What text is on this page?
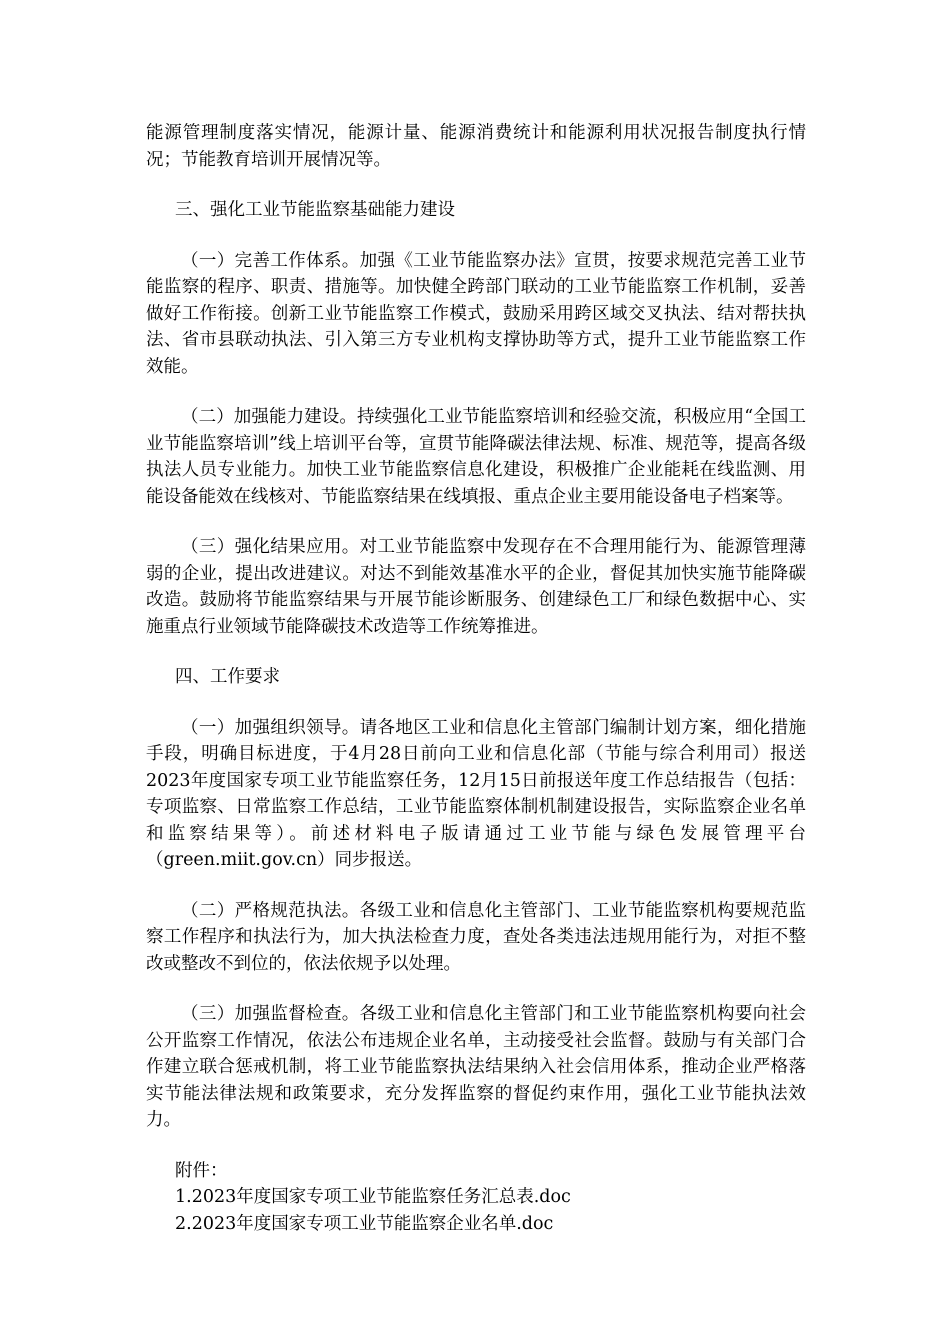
能源管理制度落实情况，能源计量、能源消费统计和能源利用状况报告制度执行情况；节能教育培训开展情况等。

三、强化工业节能监察基础能力建设

（一）完善工作体系。加强《工业节能监察办法》宣贯，按要求规范完善工业节能监察的程序、职责、措施等。加快健全跨部门联动的工业节能监察工作机制，妥善做好工作衔接。创新工业节能监察工作模式，鼓励采用跨区域交叉执法、结对帮扶执法、省市县联动执法、引入第三方专业机构支撑协助等方式，提升工业节能监察工作效能。

（二）加强能力建设。持续强化工业节能监察培训和经验交流，积极应用“全国工业节能监察培训”线上培训平台等，宣贯节能降碳法律法规、标准、规范等，提高各级执法人员专业能力。加快工业节能监察信息化建设，积极推广企业能耗在线监测、用能设备能效在线核对、节能监察结果在线填报、重点企业主要用能设备电子档案等。

（三）强化结果应用。对工业节能监察中发现存在不合理用能行为、能源管理薄弱的企业，提出改进建议。对达不到能效基准水平的企业，督促其加快实施节能降碳改造。鼓励将节能监察结果与开展节能诊断服务、创建绿色工厂和绿色数据中心、实施重点行业领域节能降碳技术改造等工作统筹推进。

四、工作要求

（一）加强组织领导。请各地区工业和信息化主管部门编制计划方案，细化措施手段，明确目标进度，于4月28日前向工业和信息化部（节能与综合利用司）报送2023年度国家专项工业节能监察任务，12月15日前报送年度工作总结报告（包括：专项监察、日常监察工作总结，工业节能监察体制机制建设报告，实际监察企业名单和监察结果等）。前述材料电子版请通过工业节能与绿色发展管理平台（green.miit.gov.cn）同步报送。

（二）严格规范执法。各级工业和信息化主管部门、工业节能监察机构要规范监察工作程序和执法行为，加大执法检查力度，查处各类违法违规用能行为，对拒不整改或整改不到位的，依法依规予以处理。

（三）加强监督检查。各级工业和信息化主管部门和工业节能监察机构要向社会公开监察工作情况，依法公布违规企业名单，主动接受社会监督。鼓励与有关部门合作建立联合惩戒机制，将工业节能监察执法结果纳入社会信用体系，推动企业严格落实节能法律法规和政策要求，充分发挥监察的督促约束作用，强化工业节能执法效力。

附件：
1.2023年度国家专项工业节能监察任务汇总表.doc
2.2023年度国家专项工业节能监察企业名单.doc
